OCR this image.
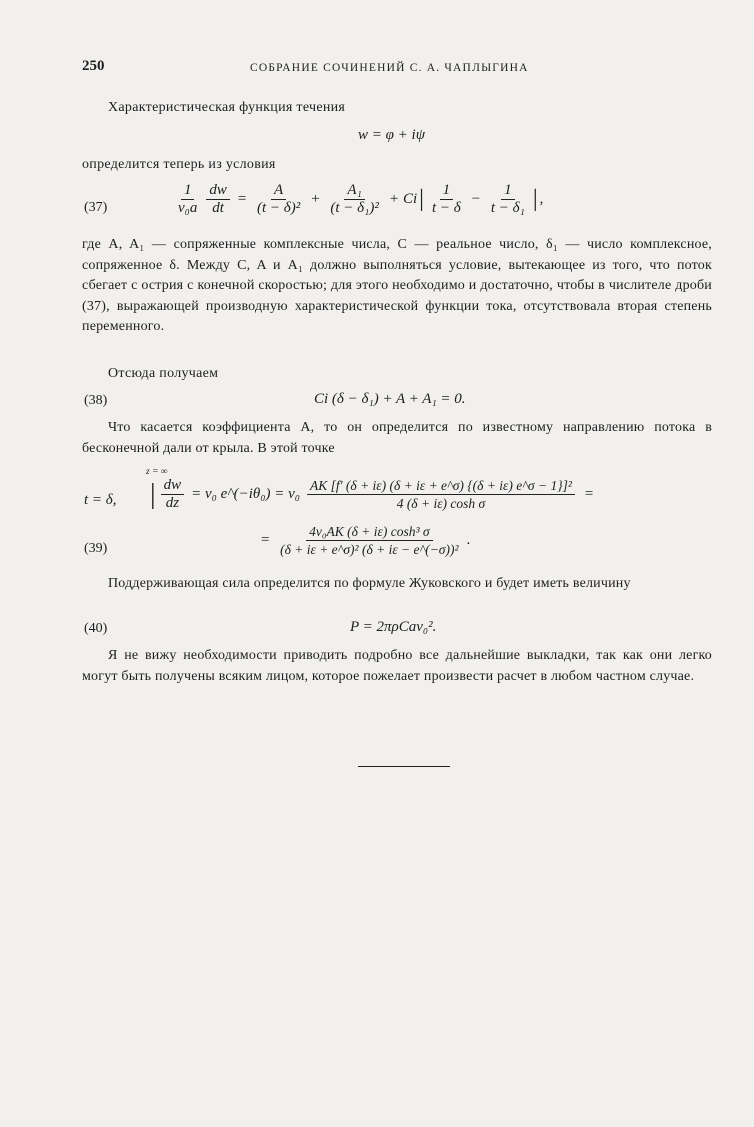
250	СОБРАНИЕ СОЧИНЕНИЙ С. А. ЧАПЛЫГИНА
Характеристическая функция течения
w = φ + iψ
определится теперь из условия
(37)	$\frac{1}{\text{v₀a}} \frac{dw}{dt} = \frac{A}{\text{(t − δ)²}} + \frac{\text{A₁}}{\text{(t − δ₁)²}} + Ci$ | $\frac{1}{t - \delta} - \frac{1}{\text{t − δ₁}}$ | ,
где A, A₁ — сопряженные комплексные числа, C — реальное число, δ₁ — число комплексное, сопряженное δ. Между C, A и A₁ должно выполняться условие, вытекающее из того, что поток сбегает с острия с конечной скоростью; для этого необходимо и достаточно, чтобы в числителе дроби (37), выражающей производную характеристической функции тока, отсутствовала вторая степень переменного.
Отсюда получаем
(38)	Ci (δ − δ₁) + A + A₁ = 0.
Что касается коэффициента A, то он определится по известному направлению потока в бесконечной дали от крыла. В этой точке
z = ∞
t = δ, | $\frac{dw}{dz} = v_0$ e^(−iθ₀) = $v_0 \frac{\text{AK [f′ (δ + iε) (δ + iε + e\textasciicircum{}σ) \{(δ + iε) e\textasciicircum{}σ − 1\}]²}}{\text{4 (δ + iε) cosh σ}}$ =
(39)
= $\frac{\text{4v₀AK (δ + iε) cosh³ σ}}{\text{(δ + iε + e\textasciicircum{}σ)² (δ + iε − e\textasciicircum{}(−σ))²}}$ .
Поддерживающая сила определится по формуле Жуковского и будет иметь величину
(40)	P = 2πρCav₀².
Я не вижу необходимости приводить подробно все дальнейшие выкладки, так как они легко могут быть получены всяким лицом, которое пожелает произвести расчет в любом частном случае.
